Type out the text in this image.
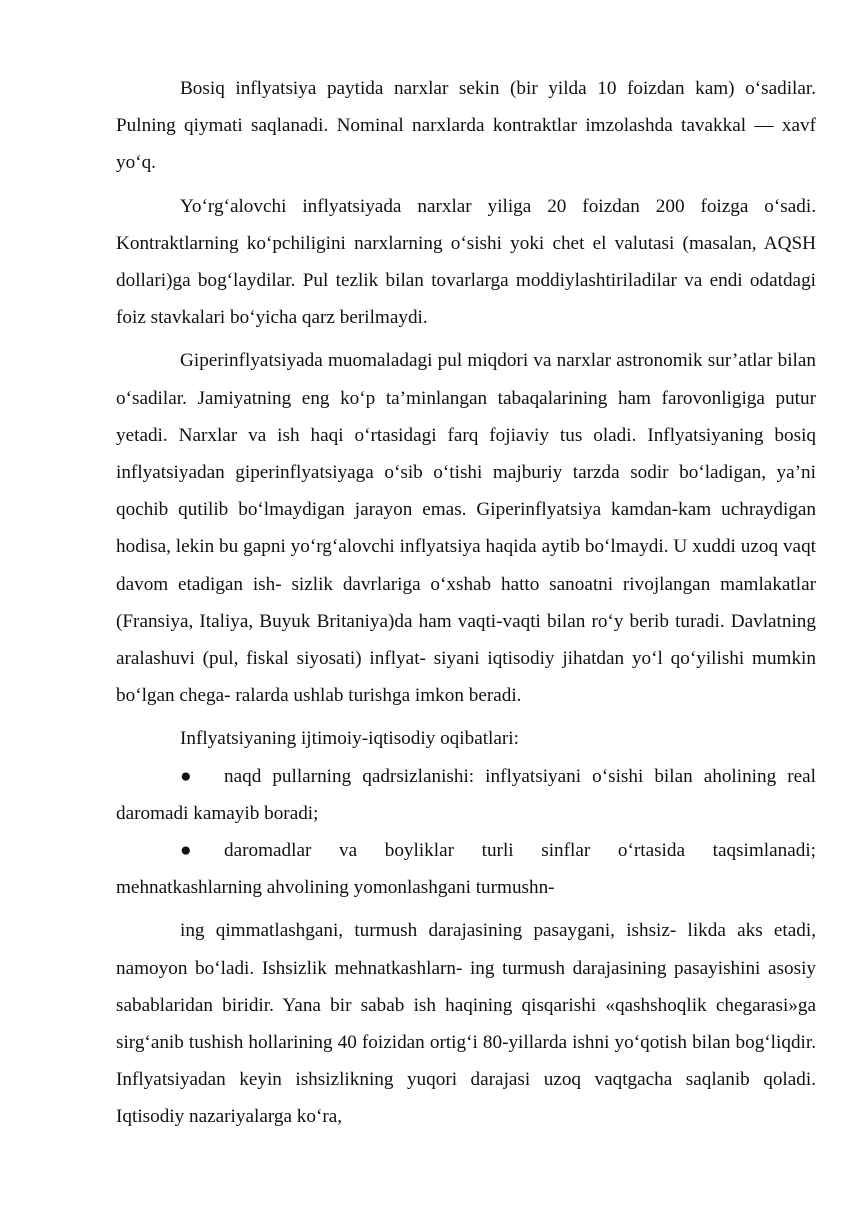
Bosiq inflyatsiya paytida narxlar sekin (bir yilda 10 foizdan kam) o‘sadilar. Pulning qiymati saqlanadi. Nominal narxlarda kontraktlar imzolashda tavakkal — xavf yo‘q.

Yo‘rg‘alovchi inflyatsiyada narxlar yiliga 20 foizdan 200 foizga o‘sadi. Kontraktlarning ko‘pchiligini narxlarning o‘sishi yoki chet el valutasi (masalan, AQSH dollari)ga bog‘laydilar. Pul tezlik bilan tovarlarga moddiylashtiriladilar va endi odatdagi foiz stavkalari bo‘yicha qarz berilmaydi.

Giperinflyatsiyada muomaladagi pul miqdori va narxlar astronomik sur’atlar bilan o‘sadilar. Jamiyatning eng ko‘p ta’minlangan tabaqalarining ham farovonligiga putur yetadi. Narxlar va ish haqi o‘rtasidagi farq fojiaviy tus oladi. Inflyatsiyaning bosiq inflyatsiyadan giperinflyatsiyaga o‘sib o‘tishi majburiy tarzda sodir bo‘ladigan, ya’ni qochib qutilib bo‘lmaydigan jarayon emas. Giperinflyatsiya kamdan-kam uchraydigan hodisa, lekin bu gapni yo‘rg‘alovchi inflyatsiya haqida aytib bo‘lmaydi. U xuddi uzoq vaqt davom etadigan ish- sizlik davrlariga o‘xshab hatto sanoatni rivojlangan mamlakatlar (Fransiya, Italiya, Buyuk Britaniya)da ham vaqti-vaqti bilan ro‘y berib turadi. Davlatning aralashuvi (pul, fiskal siyosati) inflyat- siyani iqtisodiy jihatdan yo‘l qo‘yilishi mumkin bo‘lgan chega- ralarda ushlab turishga imkon beradi.

Inflyatsiyaning ijtimoiy-iqtisodiy oqibatlari:

● naqd pullarning qadrsizlanishi: inflyatsiyani o‘sishi bilan aholining real daromadi kamayib boradi;

● daromadlar va boyliklar turli sinflar o‘rtasida taqsimlanadi; mehnatkashlarning ahvolining yomonlashgani turmushn-

ing qimmatlashgani, turmush darajasining pasaygani, ishsiz- likda aks etadi, namoyon bo‘ladi. Ishsizlik mehnatkashlarn- ing turmush darajasining pasayishini asosiy sabablaridan biridir. Yana bir sabab ish haqining qisqarishi «qashshoqlik chegarasi»ga sirg‘anib tushish hollarining 40 foizidan ortig‘i 80-yillarda ishni yo‘qotish bilan bog‘liqdir. Inflyatsiyadan keyin ishsizlikning yuqori darajasi uzoq vaqtgacha saqlanib qoladi. Iqtisodiy nazariyalarga ko‘ra,
